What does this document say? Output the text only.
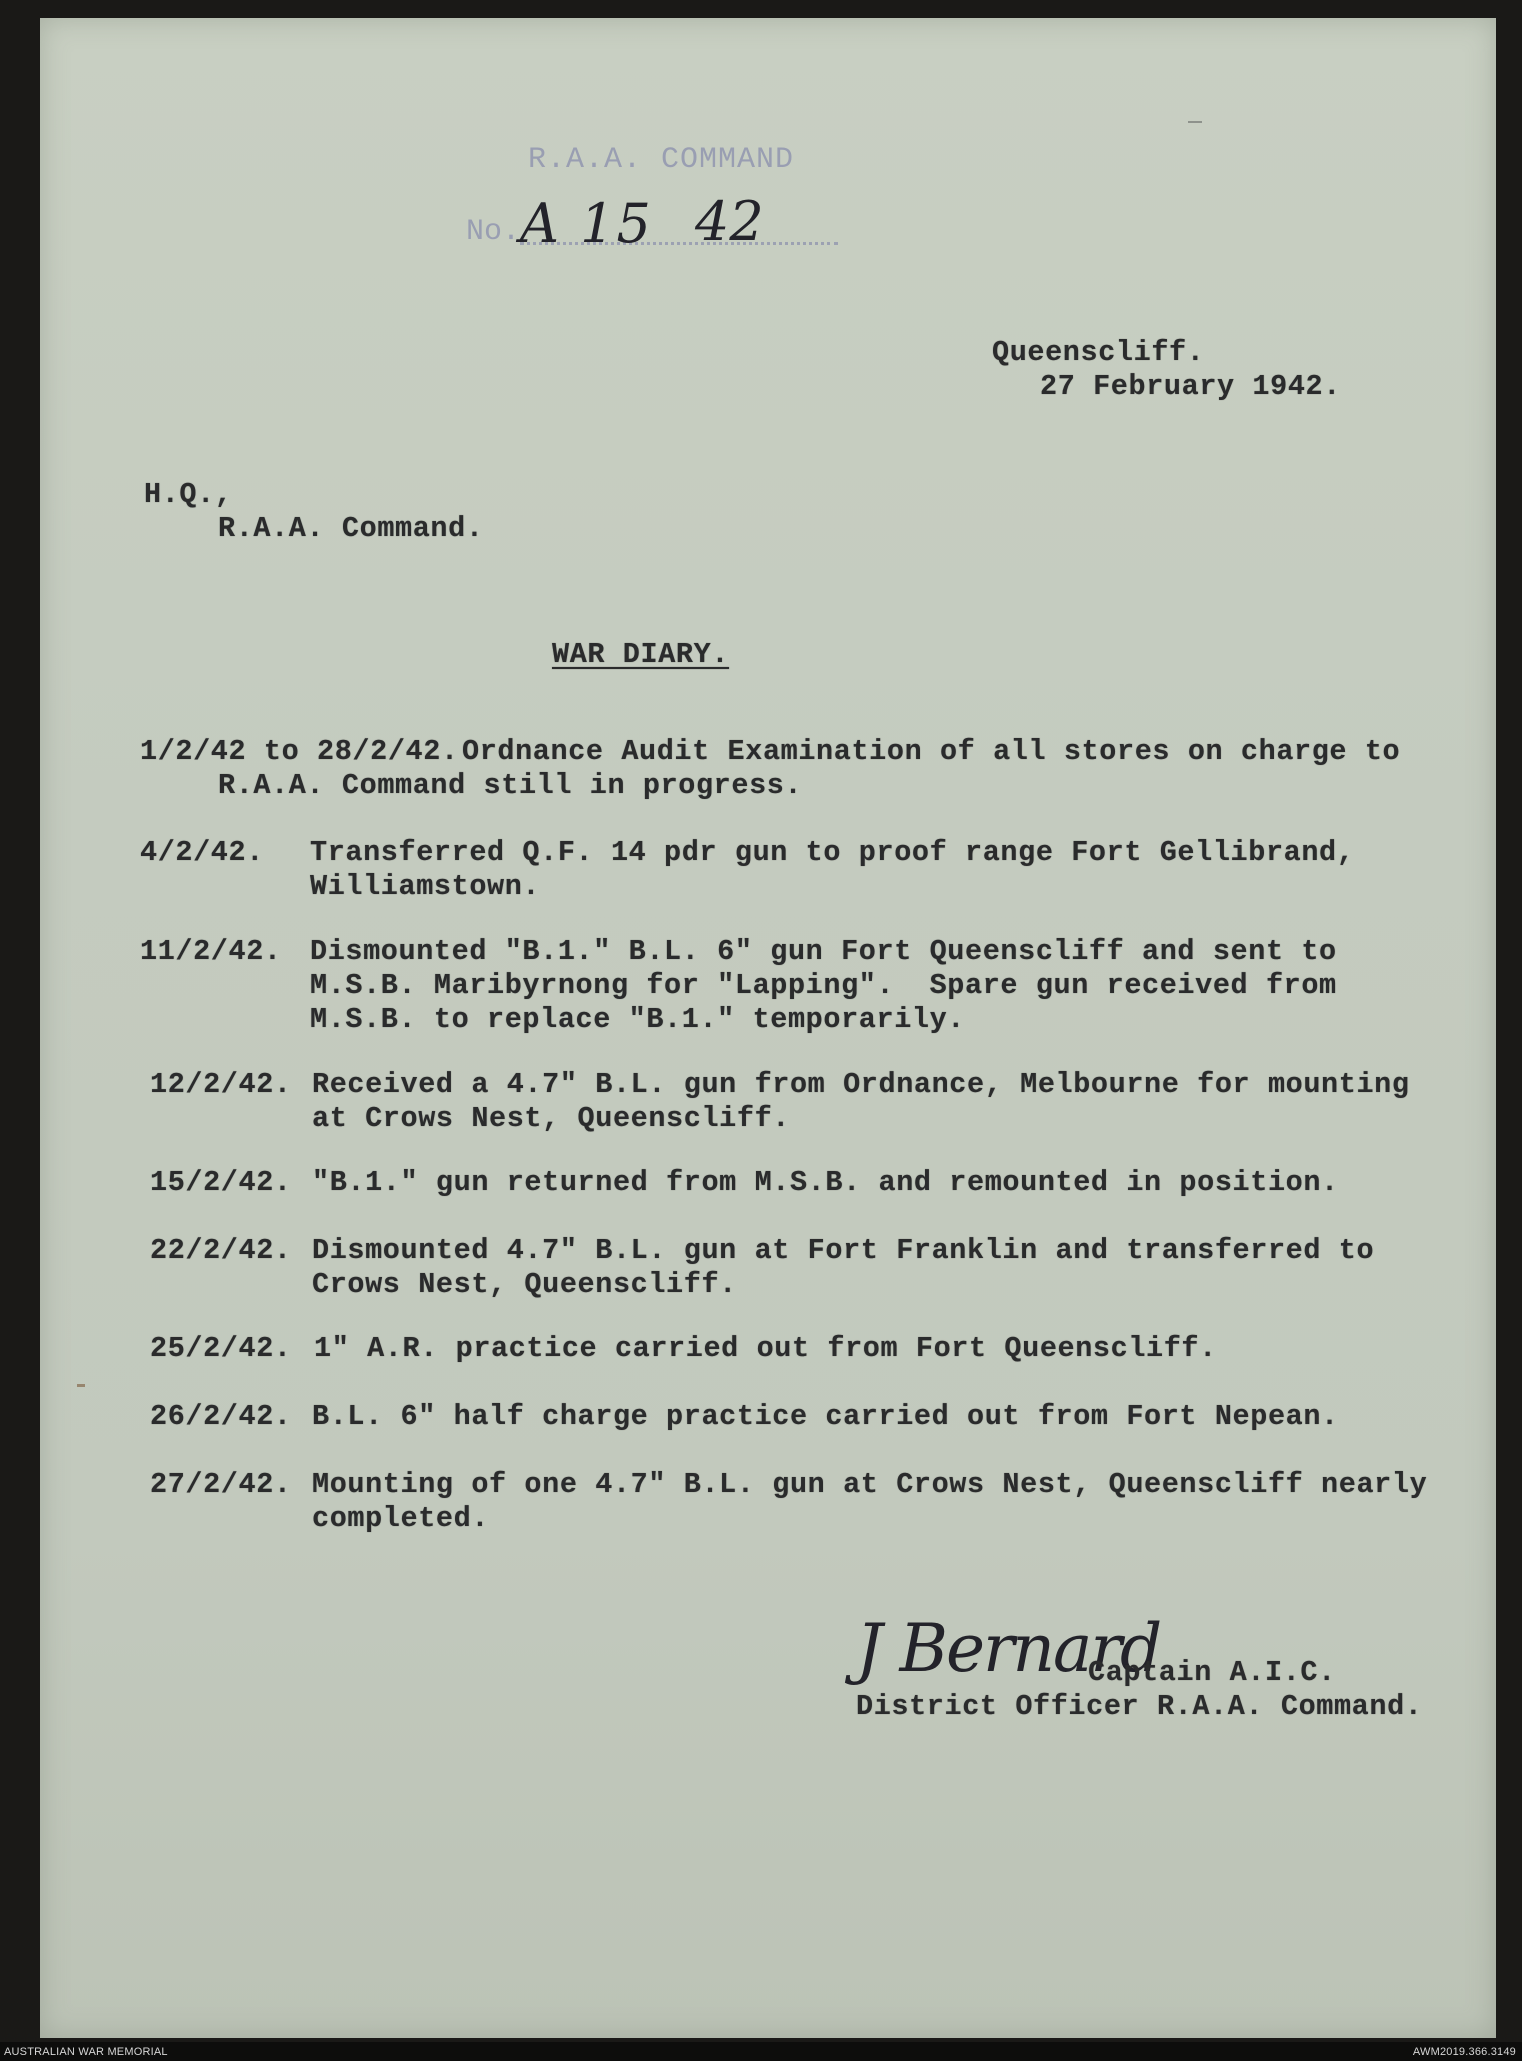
R.A.A. COMMAND
No. A 15 42
Queenscliff.
27 February 1942.
H.Q.,
R.A.A. Command.
WAR DIARY.
1/2/42 to 28/2/42. Ordnance Audit Examination of all stores on charge to
R.A.A. Command still in progress.
4/2/42. Transferred Q.F. 14 pdr gun to proof range Fort Gellibrand,
Williamstown.
11/2/42. Dismounted "B.1." B.L. 6" gun Fort Queenscliff and sent to
M.S.B. Maribyrnong for "Lapping".  Spare gun received from
M.S.B. to replace "B.1." temporarily.
12/2/42. Received a 4.7" B.L. gun from Ordnance, Melbourne for mounting
at Crows Nest, Queenscliff.
15/2/42. "B.1." gun returned from M.S.B. and remounted in position.
22/2/42. Dismounted 4.7" B.L. gun at Fort Franklin and transferred to
Crows Nest, Queenscliff.
25/2/42. 1" A.R. practice carried out from Fort Queenscliff.
26/2/42. B.L. 6" half charge practice carried out from Fort Nepean.
27/2/42. Mounting of one 4.7" B.L. gun at Crows Nest, Queenscliff nearly
completed.
J Bernard
Captain A.I.C.
District Officer R.A.A. Command.
AUSTRALIAN WAR MEMORIAL	AWM2019.366.3149
